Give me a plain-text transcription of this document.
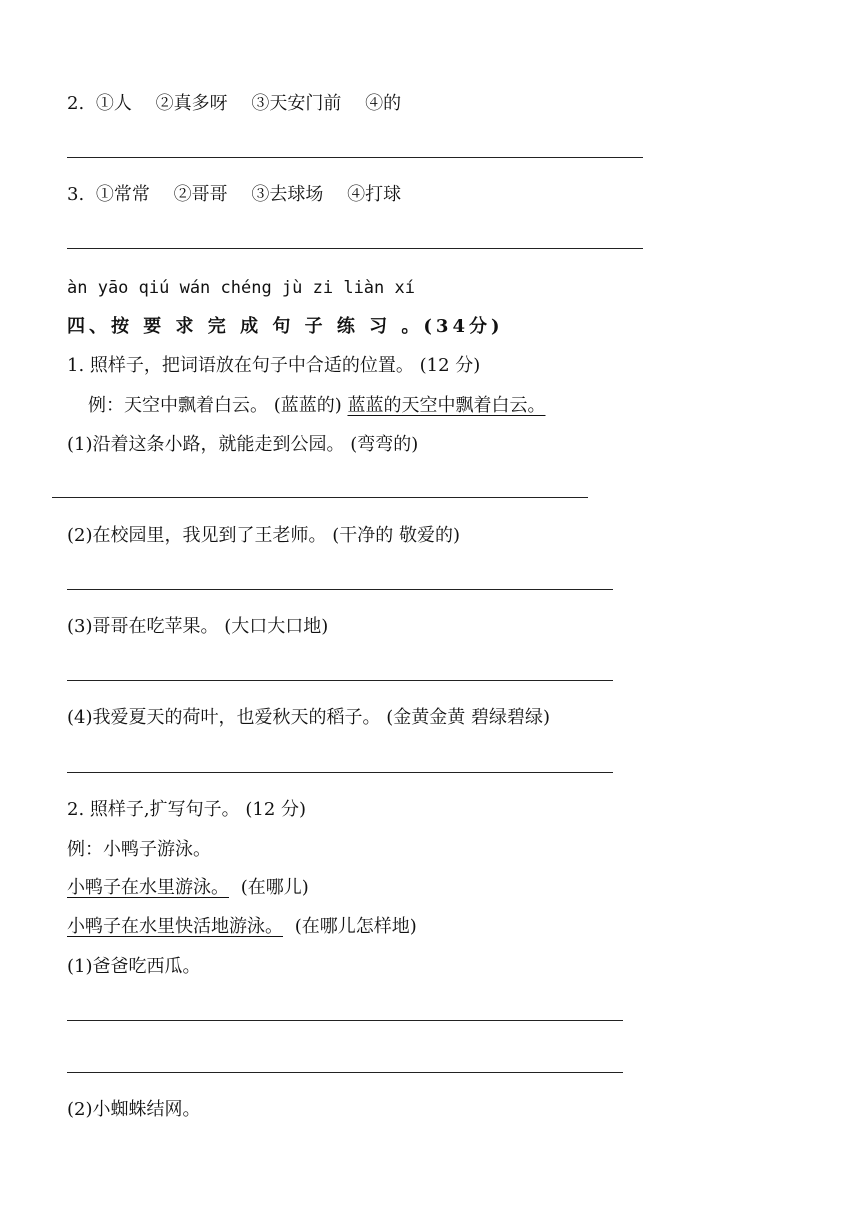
2. ①人 ②真多呀 ③天安门前 ④的
3. ①常常 ②哥哥 ③去球场 ④打球
àn yāo qiú wán chéng jù zi liàn xí
四、按 要 求 完 成 句 子 练 习 。(34分)
1. 照样子，把词语放在句子中合适的位置。 (12 分)
例：天空中飘着白云。 (蓝蓝的) 蓝蓝的天空中飘着白云。
(1)沿着这条小路，就能走到公园。 (弯弯的)
(2)在校园里，我见到了王老师。 (干净的 敬爱的)
(3)哥哥在吃苹果。 (大口大口地)
(4)我爱夏天的荷叶，也爱秋天的稻子。 (金黄金黄 碧绿碧绿)
2. 照样子,扩写句子。 (12 分)
例：小鸭子游泳。
小鸭子在水里游泳。 (在哪儿)
小鸭子在水里快活地游泳。 (在哪儿怎样地)
(1)爸爸吃西瓜。
(2)小蜘蛛结网。
